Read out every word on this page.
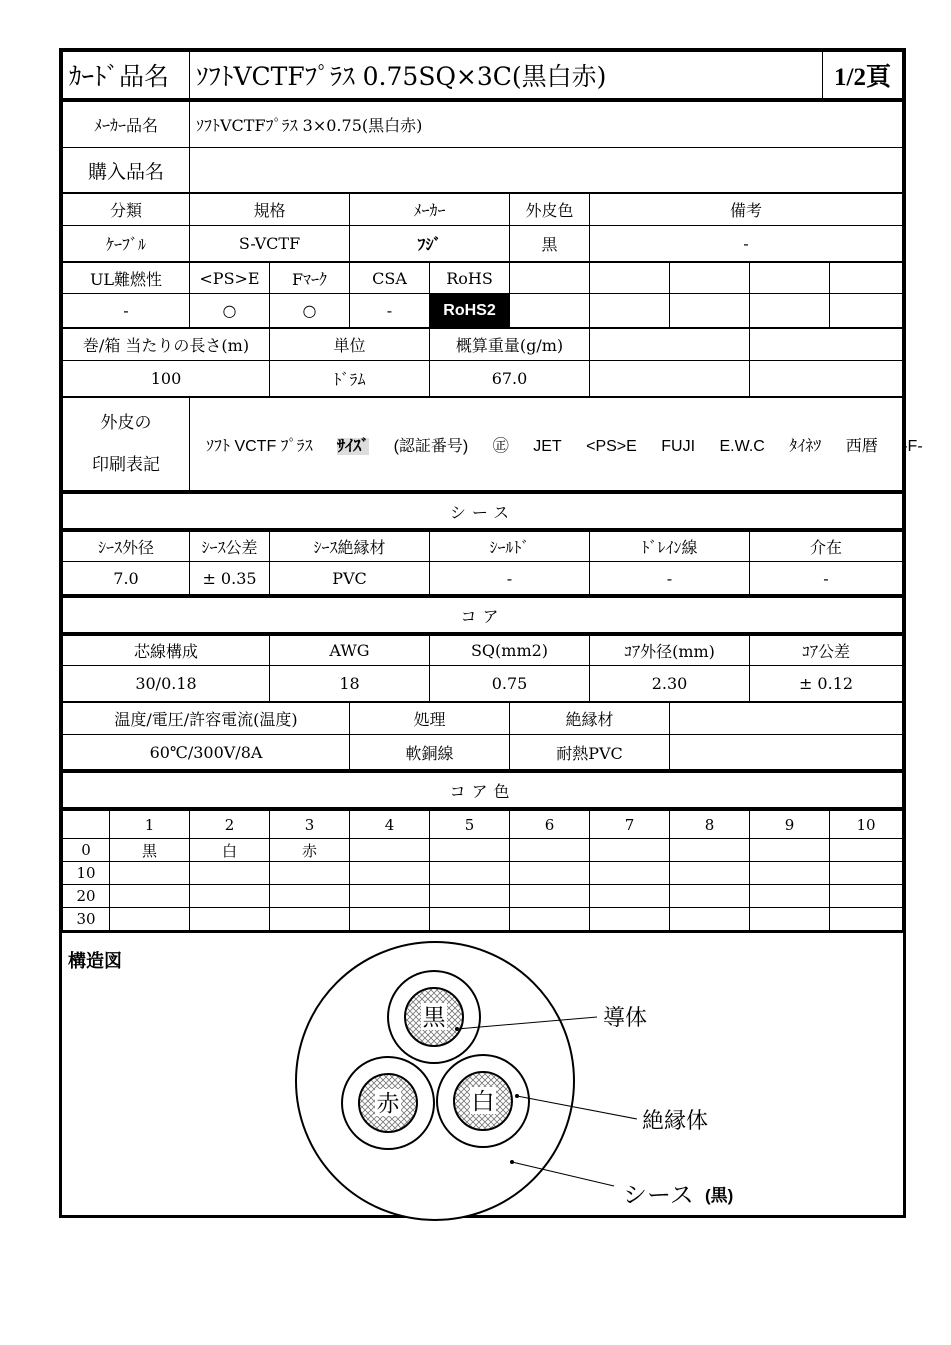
ｶｰﾄﾞ品名	ｿﾌﾄVCTFﾌﾟﾗｽ 0.75SQ×3C(黒白赤)	1/2頁
ﾒｰｶｰ品名	ｿﾌﾄVCTFﾌﾟﾗｽ 3×0.75(黒白赤)
購入品名	
分類	規格	ﾒｰｶｰ	外皮色	備考
ｹｰﾌﾞﾙ	S-VCTF	ﾌｼﾞ	黒	-
UL難燃性	<PS>E	Fﾏｰｸ	CSA	RoHS					
-	○	○	-	RoHS2					
巻/箱 当たりの長さ(m)	単位	概算重量(g/m)		
100	ﾄﾞﾗﾑ	67.0		
外皮の
印刷表記
	ｿﾌﾄ VCTF ﾌﾟﾗｽ ｻｲｽﾞ (認証番号) ㊣ JET <PS>E FUJI E.W.C ﾀｲﾈﾂ 西暦 -F-
シース
ｼｰｽ外径	ｼｰｽ公差	ｼｰｽ絶縁材	ｼｰﾙﾄﾞ	ﾄﾞﾚｲﾝ線	介在
7.0	± 0.35	PVC	-	-	-
コア
芯線構成	AWG	SQ(mm2)	ｺｱ外径(mm)	ｺｱ公差
30/0.18	18	0.75	2.30	± 0.12
温度/電圧/許容電流(温度)	処理	絶縁材	
60℃/300V/8A	軟銅線	耐熱PVC	
コア色
	1	2	3	4	5	6	7	8	9	10
0	黒	白	赤							
10										
20										
30										
構造図
黒
赤	白
導体
絶縁体
シース (黒)
